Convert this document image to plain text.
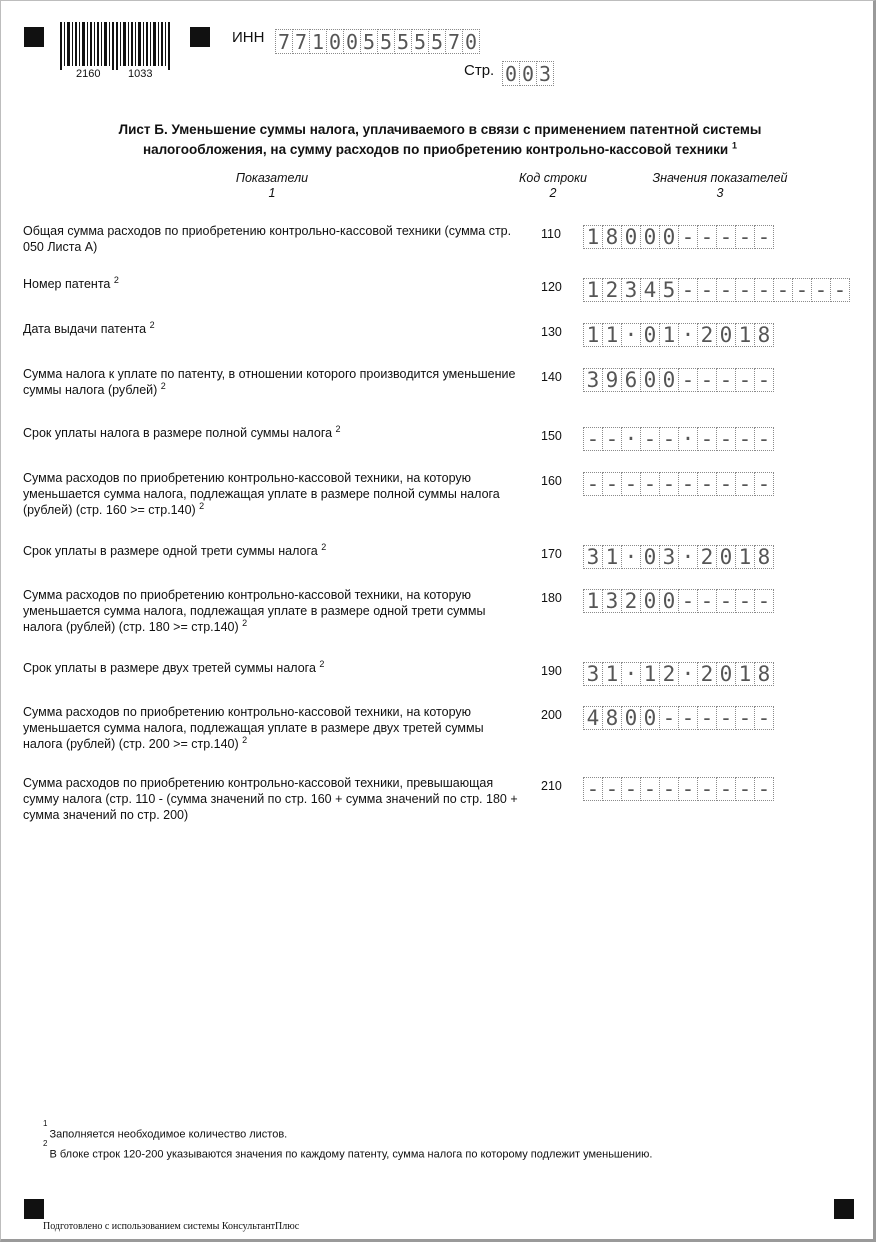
2160	1033
ИНН 7 7 1 0 0 5 5 5 5 5 7 0
Стр. 0 0 3
Лист Б. Уменьшение суммы налога, уплачиваемого в связи с применением патентной системы
налогообложения, на сумму расходов по приобретению контрольно-кассовой техники $^1$
Показатели
1
Код строки
2
Значения показателей
3
Общая сумма расходов по приобретению контрольно-кассовой техники (сумма стр. 050 Листа А)
110 1 8 0 0 0 - - - - -
Номер патента $^2$
120 1 2 3 4 5 - - - - - - - - -
Дата выдачи патента $^2$
130 1 1 · 0 1 · 2 0 1 8
Сумма налога к уплате по патенту, в отношении которого производится уменьшение суммы налога (рублей) $^2$
140 3 9 6 0 0 - - - - -
Срок уплаты налога в размере полной суммы налога $^2$
150 - - · - - · - - - -
Сумма расходов по приобретению контрольно-кассовой техники, на которую уменьшается сумма налога, подлежащая уплате в размере полной суммы налога (рублей) (стр. 160 >= стр.140) $^2$
160 - - - - - - - - - -
Срок уплаты в размере одной трети суммы налога $^2$
170 3 1 · 0 3 · 2 0 1 8
Сумма расходов по приобретению контрольно-кассовой техники, на которую уменьшается сумма налога, подлежащая уплате в размере одной трети суммы налога (рублей) (стр. 180 >= стр.140) $^2$
180 1 3 2 0 0 - - - - -
Срок уплаты в размере двух третей суммы налога $^2$
190 3 1 · 1 2 · 2 0 1 8
Сумма расходов по приобретению контрольно-кассовой техники, на которую уменьшается сумма налога, подлежащая уплате в размере двух третей суммы налога (рублей) (стр. 200 >= стр.140) $^2$
200 4 8 0 0 - - - - - -
Сумма расходов по приобретению контрольно-кассовой техники, превышающая сумму налога (стр. 110 - (сумма значений по стр. 160 + сумма значений по стр. 180 + сумма значений по стр. 200)
210 - - - - - - - - - -
$^1$Заполняется необходимое количество листов.
$^2$В блоке строк 120-200 указываются значения по каждому патенту, сумма налога по которому подлежит уменьшению.
Подготовлено с использованием системы КонсультантПлюс
